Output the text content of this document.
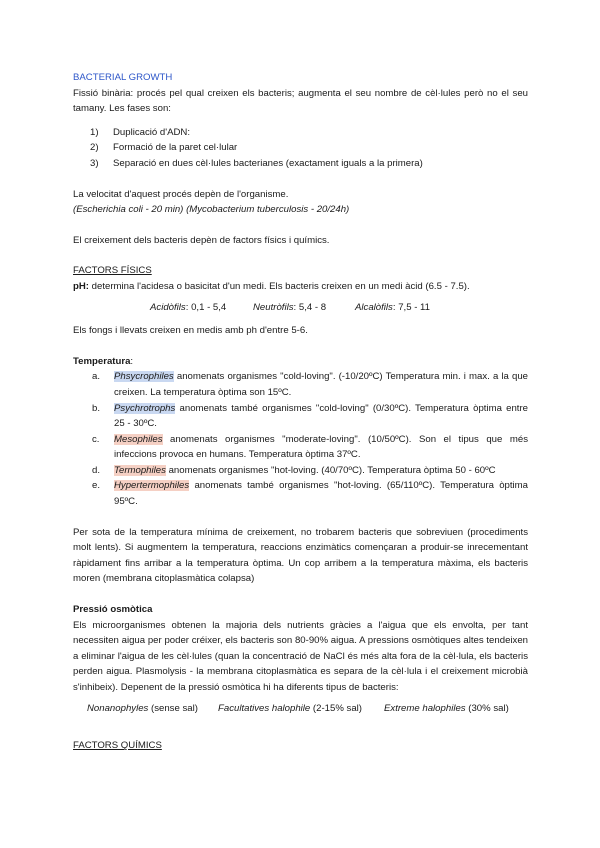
BACTERIAL GROWTH

Fissió binària: procés pel qual creixen els bacteris; augmenta el seu nombre de cèl·lules però no el seu tamany. Les fases son:

1)	Duplicació d'ADN:
2)	Formació de la paret cel·lular
3)	Separació en dues cèl·lules bacterianes (exactament iguals a la primera)

La velocitat d'aquest procés depèn de l'organisme.

(Escherichia coli - 20 min) (Mycobacterium tuberculosis - 20/24h)

El creixement dels bacteris depèn de factors físics i químics.

FACTORS FÍSICS

pH: determina l'acidesa o basicitat d'un medi. Els bacteris creixen en un medi àcid (6.5 - 7.5).

Acidòfils: 0,1 - 5,4	Neutròfils: 5,4 - 8	Alcalòfils: 7,5 - 11

Els fongs i llevats creixen en medis amb ph d'entre 5-6.

Temperatura:

a.	Phsycrophiles anomenats organismes "cold-loving". (-10/20ºC) Temperatura min. i max. a la que creixen. La temperatura òptima son 15ºC.
b.	Psychrotrophs anomenats també organismes "cold-loving" (0/30ºC). Temperatura òptima entre 25 - 30ºC.
c.	Mesophiles anomenats organismes "moderate-loving". (10/50ºC). Son el tipus que més infeccions provoca en humans. Temperatura òptima 37ºC.
d.	Termophiles anomenats organismes "hot-loving. (40/70ºC). Temperatura òptima 50 - 60ºC
e.	Hypertermophiles anomenats també organismes "hot-loving. (65/110ºC). Temperatura òptima 95ºC.

Per sota de la temperatura mínima de creixement, no trobarem bacteris que sobreviuen (procediments molt lents). Si augmentem la temperatura, reaccions enzimàtics començaran a produir-se inrecementant ràpidament fins arribar a la temperatura òptima. Un cop arribem a la temperatura màxima, els bacteris moren (membrana citoplasmàtica colapsa)

Pressió osmòtica

Els microorganismes obtenen la majoria dels nutrients gràcies a l'aigua que els envolta, per tant necessiten aigua per poder créixer, els bacteris son 80-90% aigua. A pressions osmòtiques altes tendeixen a eliminar l'aigua de les cèl·lules (quan la concentració de NaCl és més alta fora de la cèl·lula, els bacteris perden aigua. Plasmolysis - la membrana citoplasmàtica es separa de la cèl·lula i el creixement microbià s'inhibeix). Depenent de la pressió osmòtica hi ha diferents tipus de bacteris:

Nonanophyles (sense sal)	Facultatives halophile (2-15% sal)	Extreme halophiles (30% sal)

FACTORS QUÍMICS
